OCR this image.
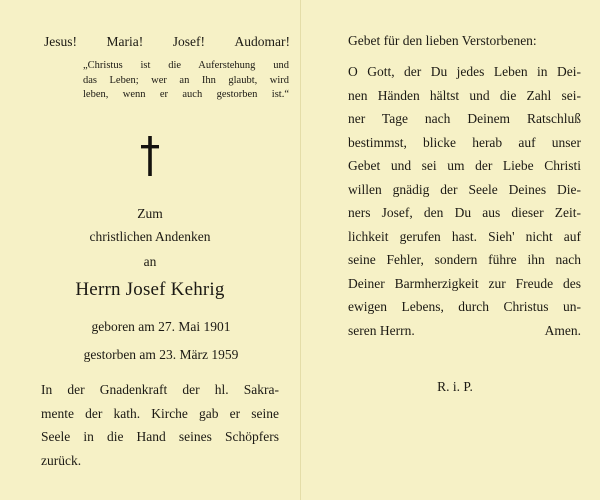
Jesus! Maria! Josef! Audomar!
„Christus ist die Auferstehung und
das Leben; wer an Ihn glaubt, wird
leben, wenn er auch gestorben ist.“
Zum
christlichen Andenken
an
Herrn Josef Kehrig
geboren am 27. Mai 1901
gestorben am 23. März 1959
In der Gnadenkraft der hl. Sakra-
mente der kath. Kirche gab er seine
Seele in die Hand seines Schöpfers
zurück.
Gebet für den lieben Verstorbenen:
O Gott, der Du jedes Leben in Dei-
nen Händen hältst und die Zahl sei-
ner Tage nach Deinem Ratschluß
bestimmst, blicke herab auf unser
Gebet und sei um der Liebe Christi
willen gnädig der Seele Deines Die-
ners Josef, den Du aus dieser Zeit-
lichkeit gerufen hast. Sieh' nicht auf
seine Fehler, sondern führe ihn nach
Deiner Barmherzigkeit zur Freude des
ewigen Lebens, durch Christus un-
seren Herrn.	Amen.
R. i. P.
